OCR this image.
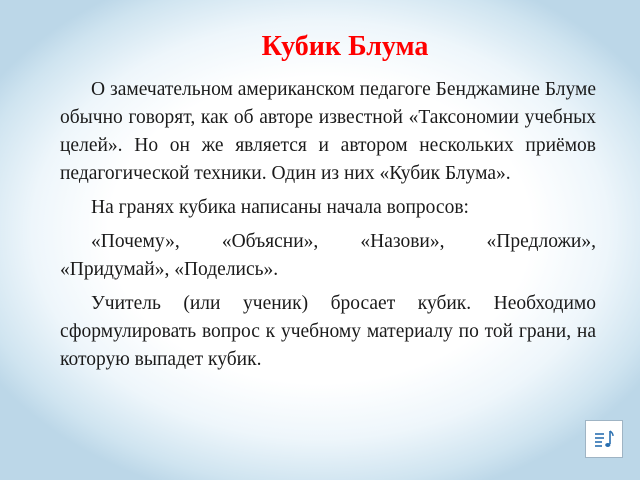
Кубик Блума

О замечательном американском педагоге Бенджамине Блуме обычно говорят, как об авторе известной «Таксономии учебных целей». Но он же является и автором нескольких приёмов педагогической техники. Один из них «Кубик Блума».

На гранях кубика написаны начала вопросов:

«Почему», «Объясни», «Назови», «Предложи», «Придумай», «Поделись».

Учитель (или ученик) бросает кубик. Необходимо сформулировать вопрос к учебному материалу по той грани, на которую выпадет кубик.
